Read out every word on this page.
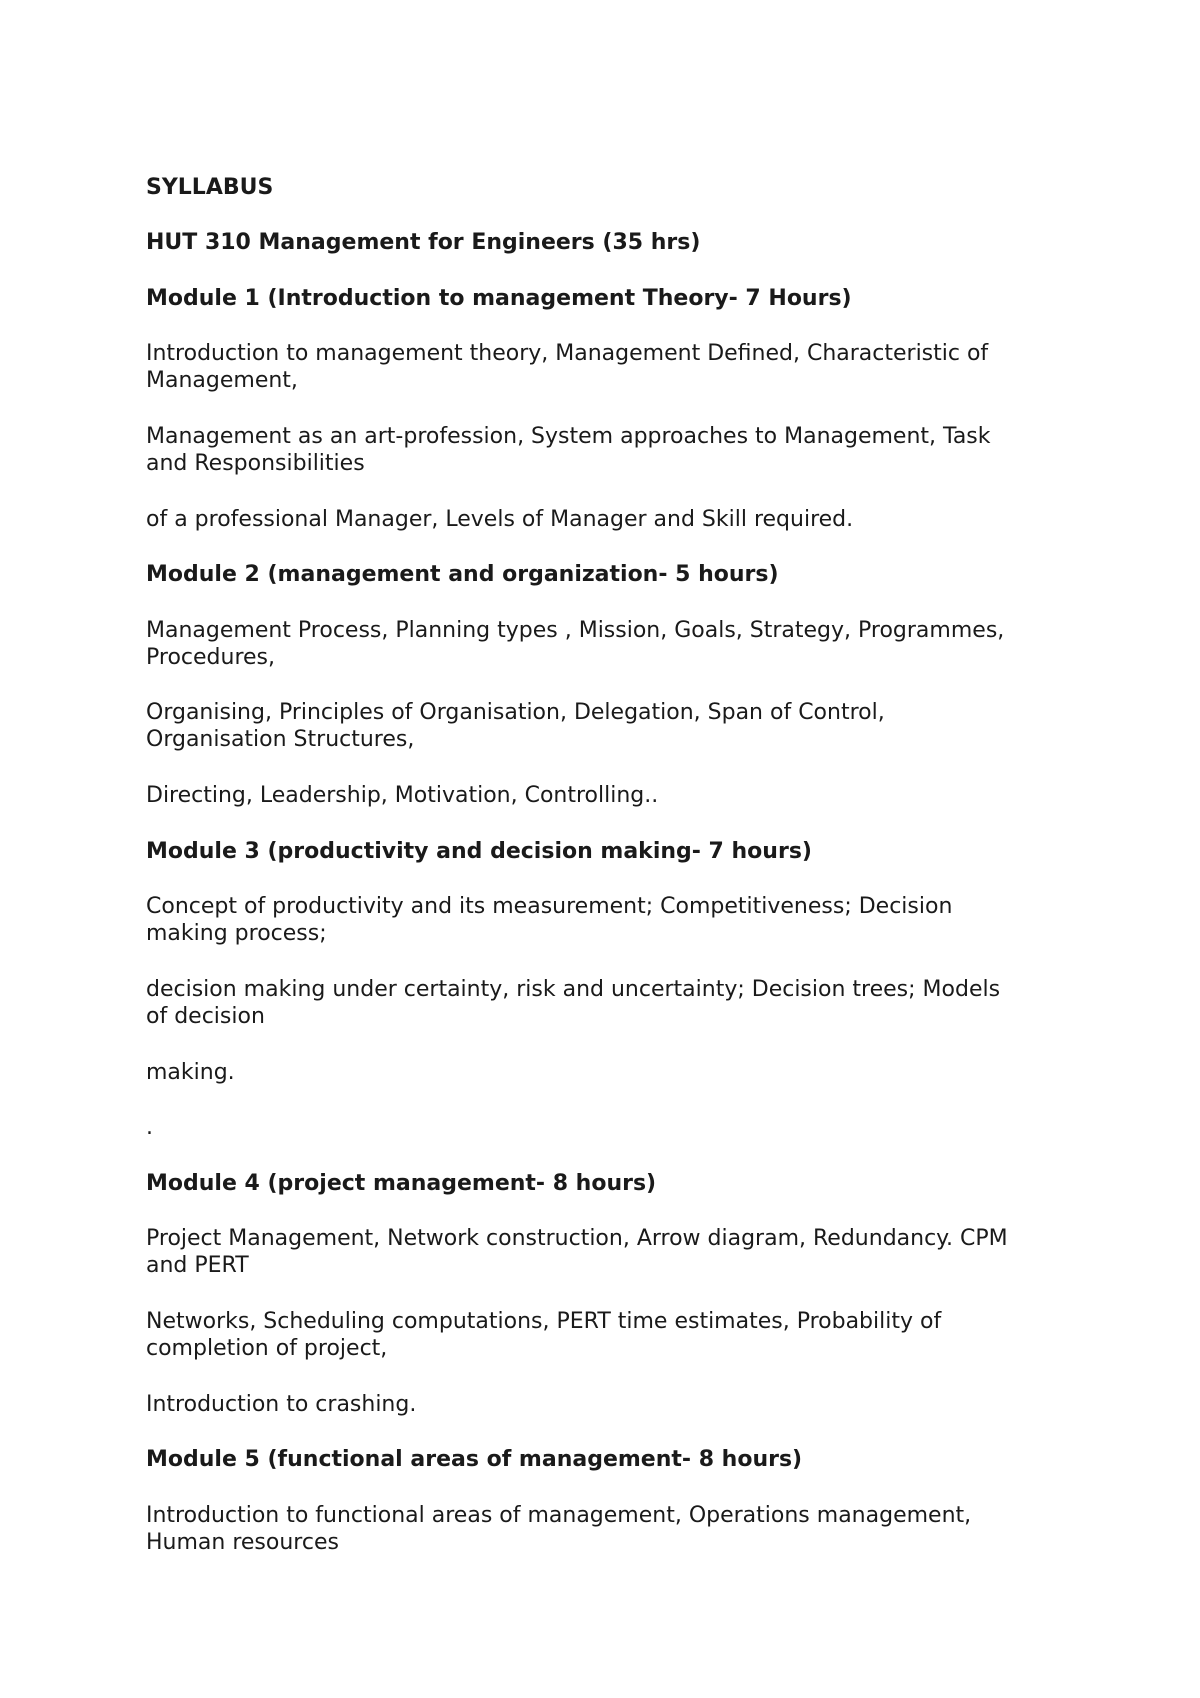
SYLLABUS

HUT 310 Management for Engineers (35 hrs)

Module 1 (Introduction to management Theory- 7 Hours)

Introduction to management theory, Management Defined, Characteristic of

Management,

Management as an art-profession, System approaches to Management, Task

and Responsibilities

of a professional Manager, Levels of Manager and Skill required.

Module 2 (management and organization- 5 hours)

Management Process, Planning types , Mission, Goals, Strategy, Programmes,

Procedures,

Organising, Principles of Organisation, Delegation, Span of Control,

Organisation Structures,

Directing, Leadership, Motivation, Controlling..

Module 3 (productivity and decision making- 7 hours)

Concept of productivity and its measurement; Competitiveness; Decision

making process;

decision making under certainty, risk and uncertainty; Decision trees; Models

of decision

making.

.

Module 4 (project management- 8 hours)

Project Management, Network construction, Arrow diagram, Redundancy. CPM

and PERT

Networks, Scheduling computations, PERT time estimates, Probability of

completion of project,

Introduction to crashing.

Module 5 (functional areas of management- 8 hours)

Introduction to functional areas of management, Operations management,

Human resources
